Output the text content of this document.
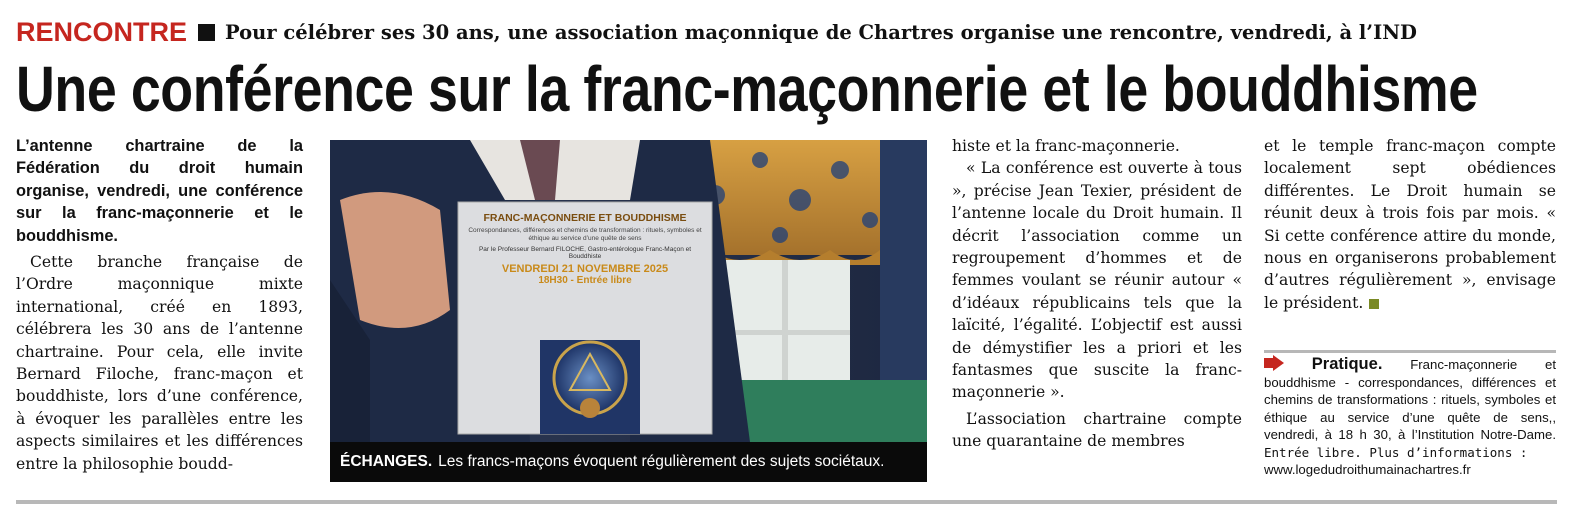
RENCONTRE Pour célébrer ses 30 ans, une association maçonnique de Chartres organise une rencontre, vendredi, à l’IND
Une conférence sur la franc-maçonnerie et le bouddhisme

L’antenne chartraine de la Fédération du droit humain organise, vendredi, une conférence sur la franc-maçonnerie et le bouddhisme.

Cette branche française de l’Ordre maçonnique mixte international, créé en 1893, célébrera les 30 ans de l’antenne chartraine. Pour cela, elle invite Bernard Filoche, franc-maçon et bouddhiste, lors d’une conférence, à évoquer les parallèles entre les aspects similaires et les différences entre la philosophie boudd-

FRANC-MAÇONNERIE ET BOUDDHISME
Correspondances, différences et chemins de transformation : rituels, symboles et éthique au service d’une quête de sens
Par le Professeur Bernard FILOCHE, Gastro-entérologue Franc-Maçon et Bouddhiste
VENDREDI 21 NOVEMBRE 2025
18H30 - Entrée libre
ÉCHANGES. Les francs-maçons évoquent régulièrement des sujets sociétaux.

histe et la franc-maçonnerie.

« La conférence est ouverte à tous », précise Jean Texier, président de l’antenne locale du Droit humain. Il décrit l’association comme un regroupement d’hommes et de femmes voulant se réunir autour « d’idéaux républicains tels que la laïcité, l’égalité. L’objectif est aussi de démystifier les a priori et les fantasmes que suscite la franc-maçonnerie ».

L’association chartraine compte une quarantaine de membres

et le temple franc-maçon compte localement sept obédiences différentes. Le Droit humain se réunit deux à trois fois par mois. « Si cette conférence attire du monde, nous en organiserons probablement d’autres régulièrement », envisage le président.

Pratique. Franc-maçonnerie et bouddhisme - correspondances, différences et chemins de transformations : rituels, symboles et éthique au service d’une quête de sens,, vendredi, à 18 h 30, à l’Institution Notre-Dame. Entrée libre. Plus d’informations :
www.logedudroithumainachartres.fr
